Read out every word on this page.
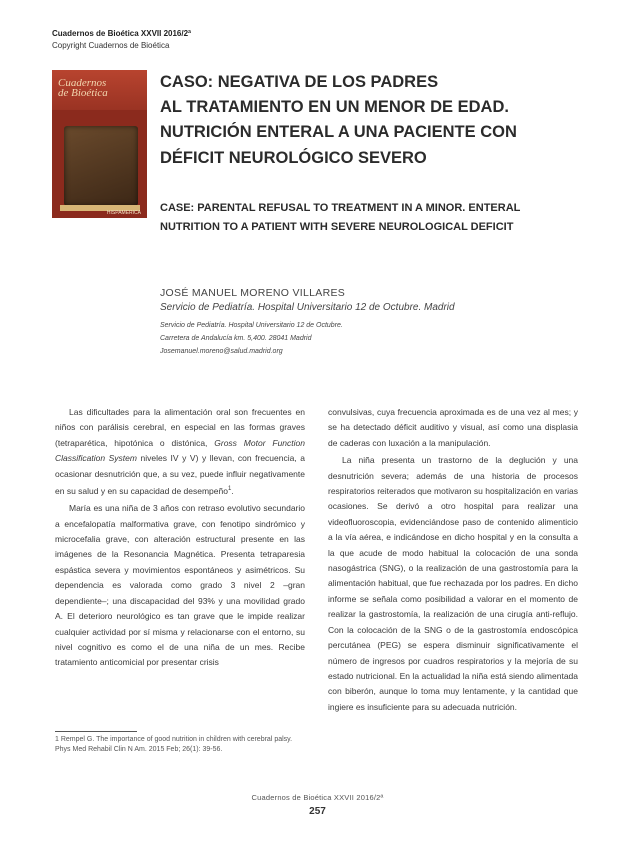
Cuadernos de Bioética XXVII 2016/2ª
Copyright Cuadernos de Bioética
Cuadernos
de Bioética
HISPAMERICA
CASO: NEGATIVA DE LOS PADRES
AL TRATAMIENTO EN UN MENOR DE EDAD.
NUTRICIÓN ENTERAL A UNA PACIENTE CON
DÉFICIT NEUROLÓGICO SEVERO
CASE: PARENTAL REFUSAL TO TREATMENT IN A MINOR. ENTERAL
NUTRITION TO A PATIENT WITH SEVERE NEUROLOGICAL DEFICIT
JOSÉ MANUEL MORENO VILLARES
Servicio de Pediatría. Hospital Universitario 12 de Octubre. Madrid
Servicio de Pediatría. Hospital Universitario 12 de Octubre.
Carretera de Andalucía km. 5,400. 28041 Madrid
Josemanuel.moreno@salud.madrid.org

Las dificultades para la alimentación oral son frecuentes en niños con parálisis cerebral, en especial en las formas graves (tetraparética, hipotónica o distónica, Gross Motor Function Classification System niveles IV y V) y llevan, con frecuencia, a ocasionar desnutrición que, a su vez, puede influir negativamente en su salud y en su capacidad de desempeño$^1$.

María es una niña de 3 años con retraso evolutivo secundario a encefalopatía malformativa grave, con fenotipo sindrómico y microcefalia grave, con alteración estructural presente en las imágenes de la Resonancia Magnética. Presenta tetraparesia espástica severa y movimientos espontáneos y asimétricos. Su dependencia es valorada como grado 3 nivel 2 –gran dependiente–; una discapacidad del 93% y una movilidad grado A. El deterioro neurológico es tan grave que le impide realizar cualquier actividad por sí misma y relacionarse con el entorno, su nivel cognitivo es como el de una niña de un mes. Recibe tratamiento anticomicial por presentar crisis

1 Rempel G. The importance of good nutrition in children with cerebral palsy. Phys Med Rehabil Clin N Am. 2015 Feb; 26(1): 39-56.

convulsivas, cuya frecuencia aproximada es de una vez al mes; y se ha detectado déficit auditivo y visual, así como una displasia de caderas con luxación a la manipulación.

La niña presenta un trastorno de la deglución y una desnutrición severa; además de una historia de procesos respiratorios reiterados que motivaron su hospitalización en varias ocasiones. Se derivó a otro hospital para realizar una videofluoroscopia, evidenciándose paso de contenido alimenticio a la vía aérea, e indicándose en dicho hospital y en la consulta a la que acude de modo habitual la colocación de una sonda nasogástrica (SNG), o la realización de una gastrostomía para la alimentación habitual, que fue rechazada por los padres. En dicho informe se señala como posibilidad a valorar en el momento de realizar la gastrostomía, la realización de una cirugía anti-reflujo. Con la colocación de la SNG o de la gastrostomía endoscópica percutánea (PEG) se espera disminuir significativamente el número de ingresos por cuadros respiratorios y la mejoría de su estado nutricional. En la actualidad la niña está siendo alimentada con biberón, aunque lo toma muy lentamente, y la cantidad que ingiere es insuficiente para su adecuada nutrición.

Cuadernos de Bioética XXVII 2016/2ª
257
